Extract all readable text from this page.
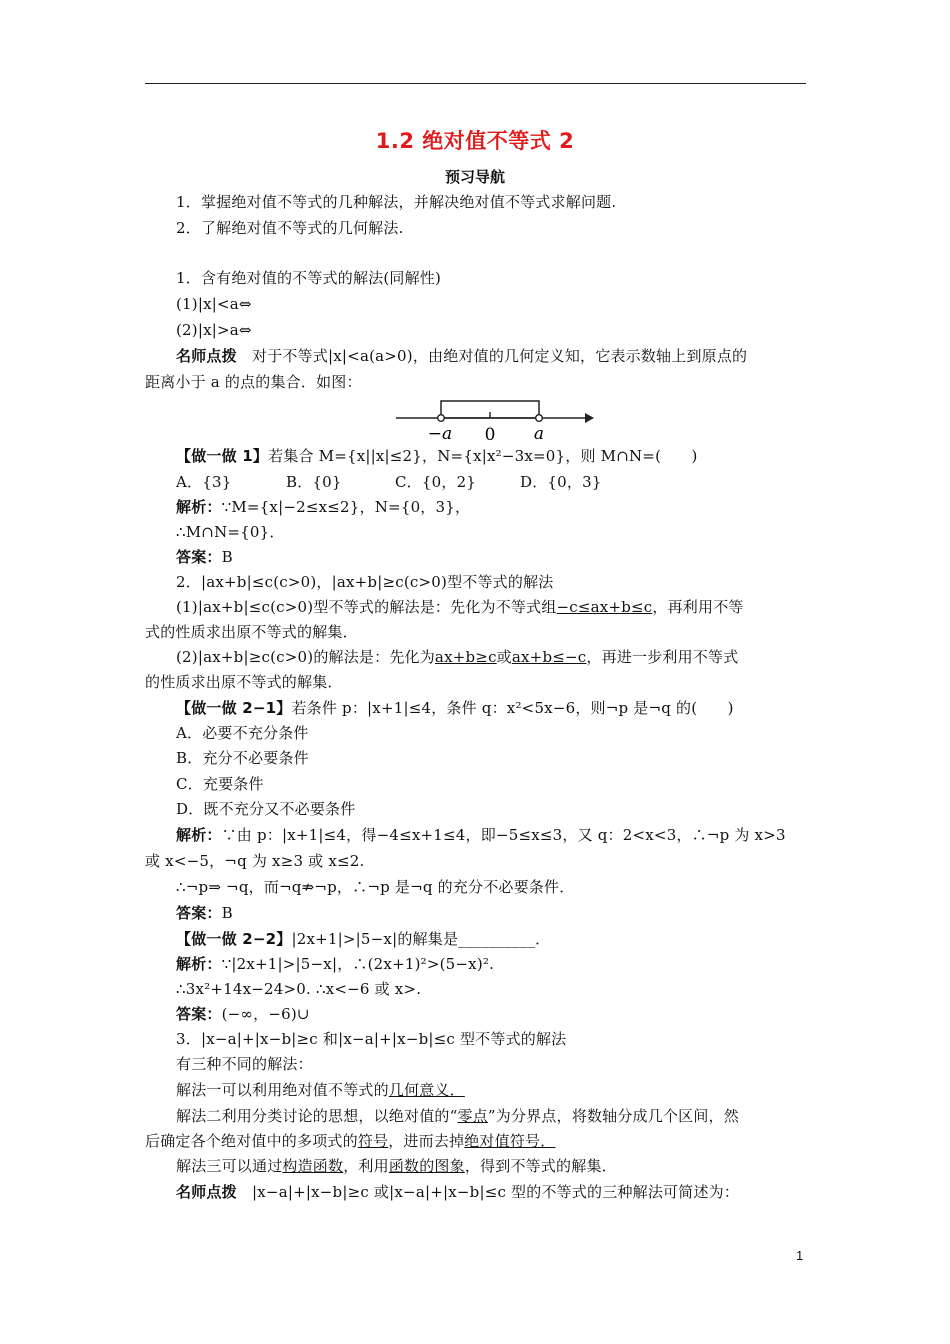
1.2 绝对值不等式 2
预习导航
1．掌握绝对值不等式的几种解法，并解决绝对值不等式求解问题.
2．了解绝对值不等式的几何解法.
1．含有绝对值的不等式的解法(同解性)
(1)|x|<a⇔
(2)|x|>a⇔
名师点拨　对于不等式|x|<a(a>0)，由绝对值的几何定义知，它表示数轴上到原点的
距离小于 a 的点的集合．如图：
−a 0 a
【做一做 1】若集合 M={x||x|≤2}，N={x|x²−3x=0}，则 M∩N=(　　)
A．{3}	B．{0}	C．{0，2}	D．{0，3}
解析：∵M={x|−2≤x≤2}，N={0，3}，
∴M∩N={0}．
答案：B
2．|ax+b|≤c(c>0)，|ax+b|≥c(c>0)型不等式的解法
(1)|ax+b|≤c(c>0)型不等式的解法是：先化为不等式组−c≤ax+b≤c，再利用不等
式的性质求出原不等式的解集．
(2)|ax+b|≥c(c>0)的解法是：先化为ax+b≥c或ax+b≤−c，再进一步利用不等式
的性质求出原不等式的解集．
【做一做 2−1】若条件 p：|x+1|≤4，条件 q：x²<5x−6，则¬p 是¬q 的(　　)
A．必要不充分条件
B．充分不必要条件
C．充要条件
D．既不充分又不必要条件
解析：∵由 p：|x+1|≤4，得−4≤x+1≤4，即−5≤x≤3，又 q：2<x<3，∴¬p 为 x>3
或 x<−5，¬q 为 x≥3 或 x≤2.
∴¬p⇒ ¬q，而¬q⇏¬p，∴¬p 是¬q 的充分不必要条件．
答案：B
【做一做 2−2】|2x+1|>|5−x|的解集是__________．
解析：∵|2x+1|>|5−x|，∴(2x+1)²>(5−x)².
∴3x²+14x−24>0. ∴x<−6 或 x>.
答案：(−∞，−6)∪
3．|x−a|+|x−b|≥c 和|x−a|+|x−b|≤c 型不等式的解法
有三种不同的解法：
解法一可以利用绝对值不等式的几何意义．
解法二利用分类讨论的思想，以绝对值的“零点”为分界点，将数轴分成几个区间，然
后确定各个绝对值中的多项式的符号，进而去掉绝对值符号．
解法三可以通过构造函数，利用函数的图象，得到不等式的解集．
名师点拨　|x−a|+|x−b|≥c 或|x−a|+|x−b|≤c 型的不等式的三种解法可简述为：
1
